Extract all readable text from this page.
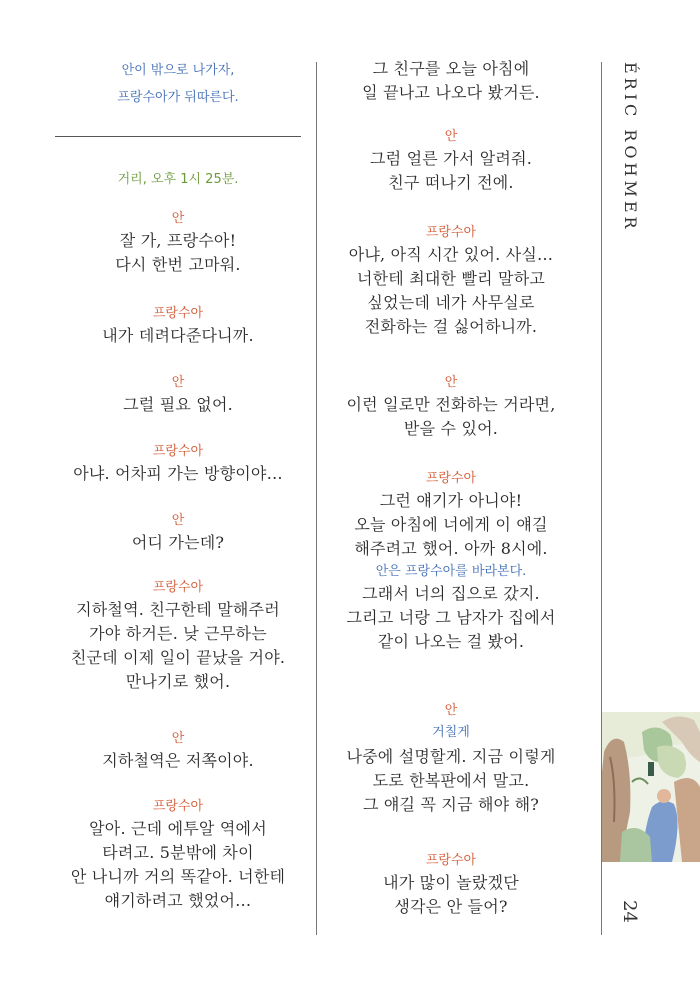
ÉRIC ROHMER
24
안이 밖으로 나가자,
프랑수아가 뒤따른다.
거리, 오후 1시 25분.
안
잘 가, 프랑수아!
다시 한번 고마워.
프랑수아
내가 데려다준다니까.
안
그럴 필요 없어.
프랑수아
아냐. 어차피 가는 방향이야…
안
어디 가는데?
프랑수아
지하철역. 친구한테 말해주러
가야 하거든. 낮 근무하는
친군데 이제 일이 끝났을 거야.
만나기로 했어.
안
지하철역은 저쪽이야.
프랑수아
알아. 근데 에투알 역에서
타려고. 5분밖에 차이
안 나니까 거의 똑같아. 너한테
얘기하려고 했었어…
그 친구를 오늘 아침에
일 끝나고 나오다 봤거든.
안
그럼 얼른 가서 알려줘.
친구 떠나기 전에.
프랑수아
아냐, 아직 시간 있어. 사실…
너한테 최대한 빨리 말하고
싶었는데 네가 사무실로
전화하는 걸 싫어하니까.
안
이런 일로만 전화하는 거라면,
받을 수 있어.
프랑수아
그런 얘기가 아니야!
오늘 아침에 너에게 이 얘길
해주려고 했어. 아까 8시에.
안은 프랑수아를 바라본다.
그래서 너의 집으로 갔지.
그리고 너랑 그 남자가 집에서
같이 나오는 걸 봤어.
안
거칠게
나중에 설명할게. 지금 이렇게
도로 한복판에서 말고.
그 얘길 꼭 지금 해야 해?
프랑수아
내가 많이 놀랐겠단
생각은 안 들어?
